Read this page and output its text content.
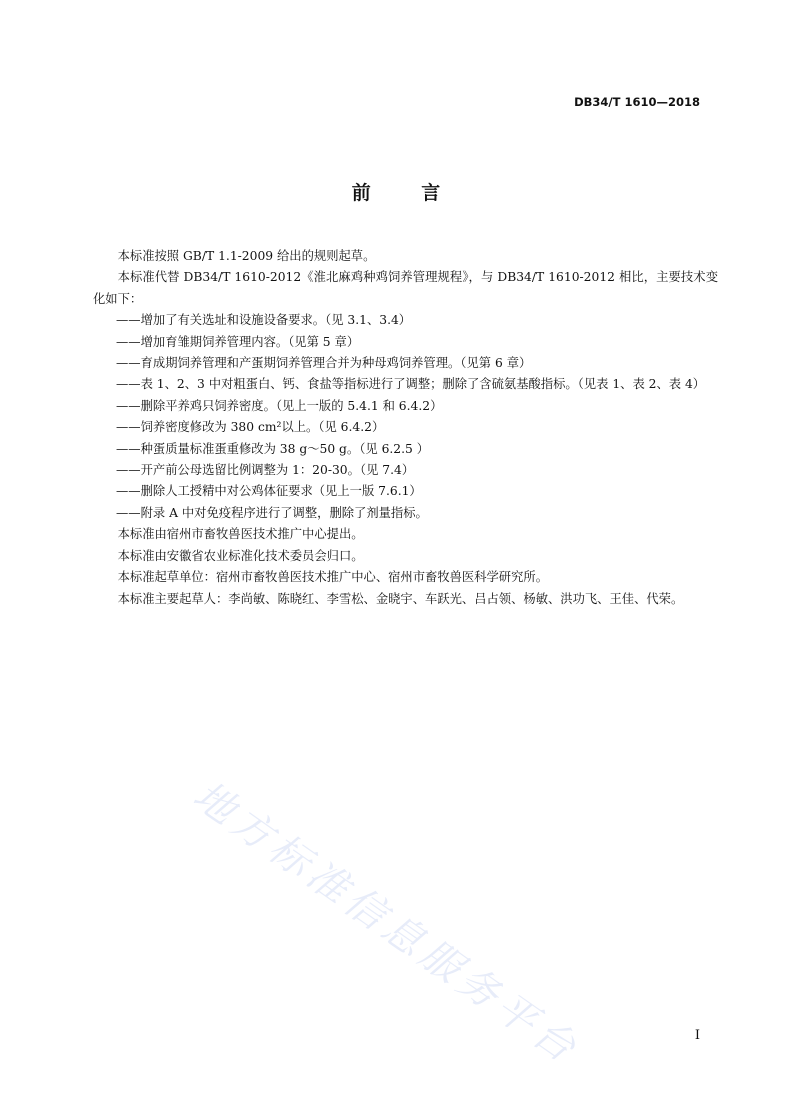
DB34/T 1610—2018
前 言

本标准按照 GB/T 1.1-2009 给出的规则起草。

本标准代替 DB34/T 1610-2012《淮北麻鸡种鸡饲养管理规程》，与 DB34/T 1610-2012 相比，主要技术变化如下：

——增加了有关选址和设施设备要求。（见 3.1、3.4）

——增加育雏期饲养管理内容。（见第 5 章）

——育成期饲养管理和产蛋期饲养管理合并为种母鸡饲养管理。（见第 6 章）

——表 1、2、3 中对粗蛋白、钙、食盐等指标进行了调整；删除了含硫氨基酸指标。（见表 1、表 2、表 4）

——删除平养鸡只饲养密度。（见上一版的 5.4.1 和 6.4.2）

——饲养密度修改为 380 cm²以上。（见 6.4.2）

——种蛋质量标准蛋重修改为 38 g～50 g。（见 6.2.5 ）

——开产前公母选留比例调整为 1：20-30。（见 7.4）

——删除人工授精中对公鸡体征要求（见上一版 7.6.1）

——附录 A 中对免疫程序进行了调整，删除了剂量指标。

本标准由宿州市畜牧兽医技术推广中心提出。

本标准由安徽省农业标准化技术委员会归口。

本标准起草单位：宿州市畜牧兽医技术推广中心、宿州市畜牧兽医科学研究所。

本标准主要起草人：李尚敏、陈晓红、李雪松、金晓宇、车跃光、吕占领、杨敏、洪功飞、王佳、代荣。

地方标准信息服务平台	I
